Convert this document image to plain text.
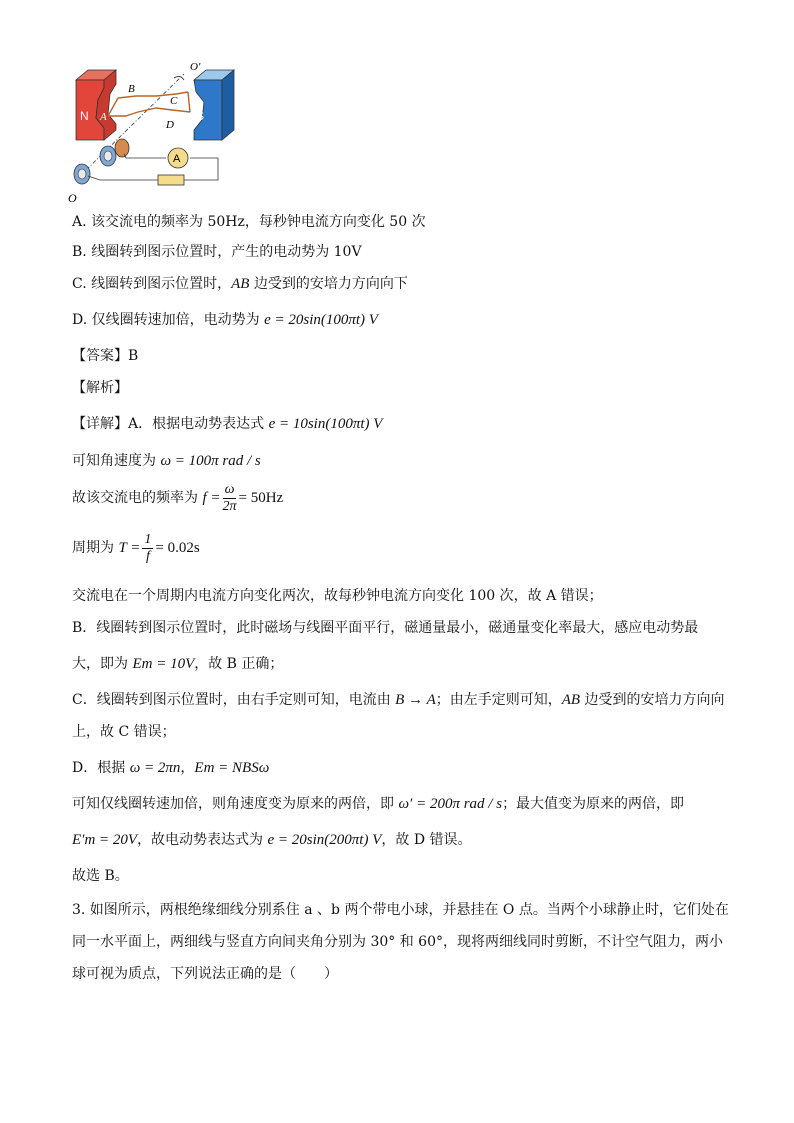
N	S
B
A
C
D
O′
A
O
A. 该交流电的频率为 50Hz，每秒钟电流方向变化 50 次
B. 线圈转到图示位置时，产生的电动势为 10V
C. 线圈转到图示位置时，AB 边受到的安培力方向向下
D. 仅线圈转速加倍，电动势为 e = 20sin(100πt) V
【答案】B
【解析】
【详解】A．根据电动势表达式 e = 10sin(100πt) V
可知角速度为 ω = 100π rad / s
故该交流电的频率为 $f = \frac{\omega}{2\pi} = 50Hz$
周期为 $T = \frac{1}{f} = 0.02s$
交流电在一个周期内电流方向变化两次，故每秒钟电流方向变化 100 次，故 A 错误；
B．线圈转到图示位置时，此时磁场与线圈平面平行，磁通量最小，磁通量变化率最大，感应电动势最
大，即为 Em = 10V，故 B 正确；
C．线圈转到图示位置时，由右手定则可知，电流由 B → A；由左手定则可知，AB 边受到的安培力方向向
上，故 C 错误；
D．根据 ω = 2πn，Em = NBSω
可知仅线圈转速加倍，则角速度变为原来的两倍，即 ω′ = 200π rad / s；最大值变为原来的两倍，即
E′m = 20V，故电动势表达式为 e = 20sin(200πt) V，故 D 错误。
故选 B。
3. 如图所示，两根绝缘细线分别系住 a 、b 两个带电小球，并悬挂在 O 点。当两个小球静止时，它们处在
同一水平面上，两细线与竖直方向间夹角分别为 30° 和 60°，现将两细线同时剪断，不计空气阻力，两小
球可视为质点，下列说法正确的是（　　）
